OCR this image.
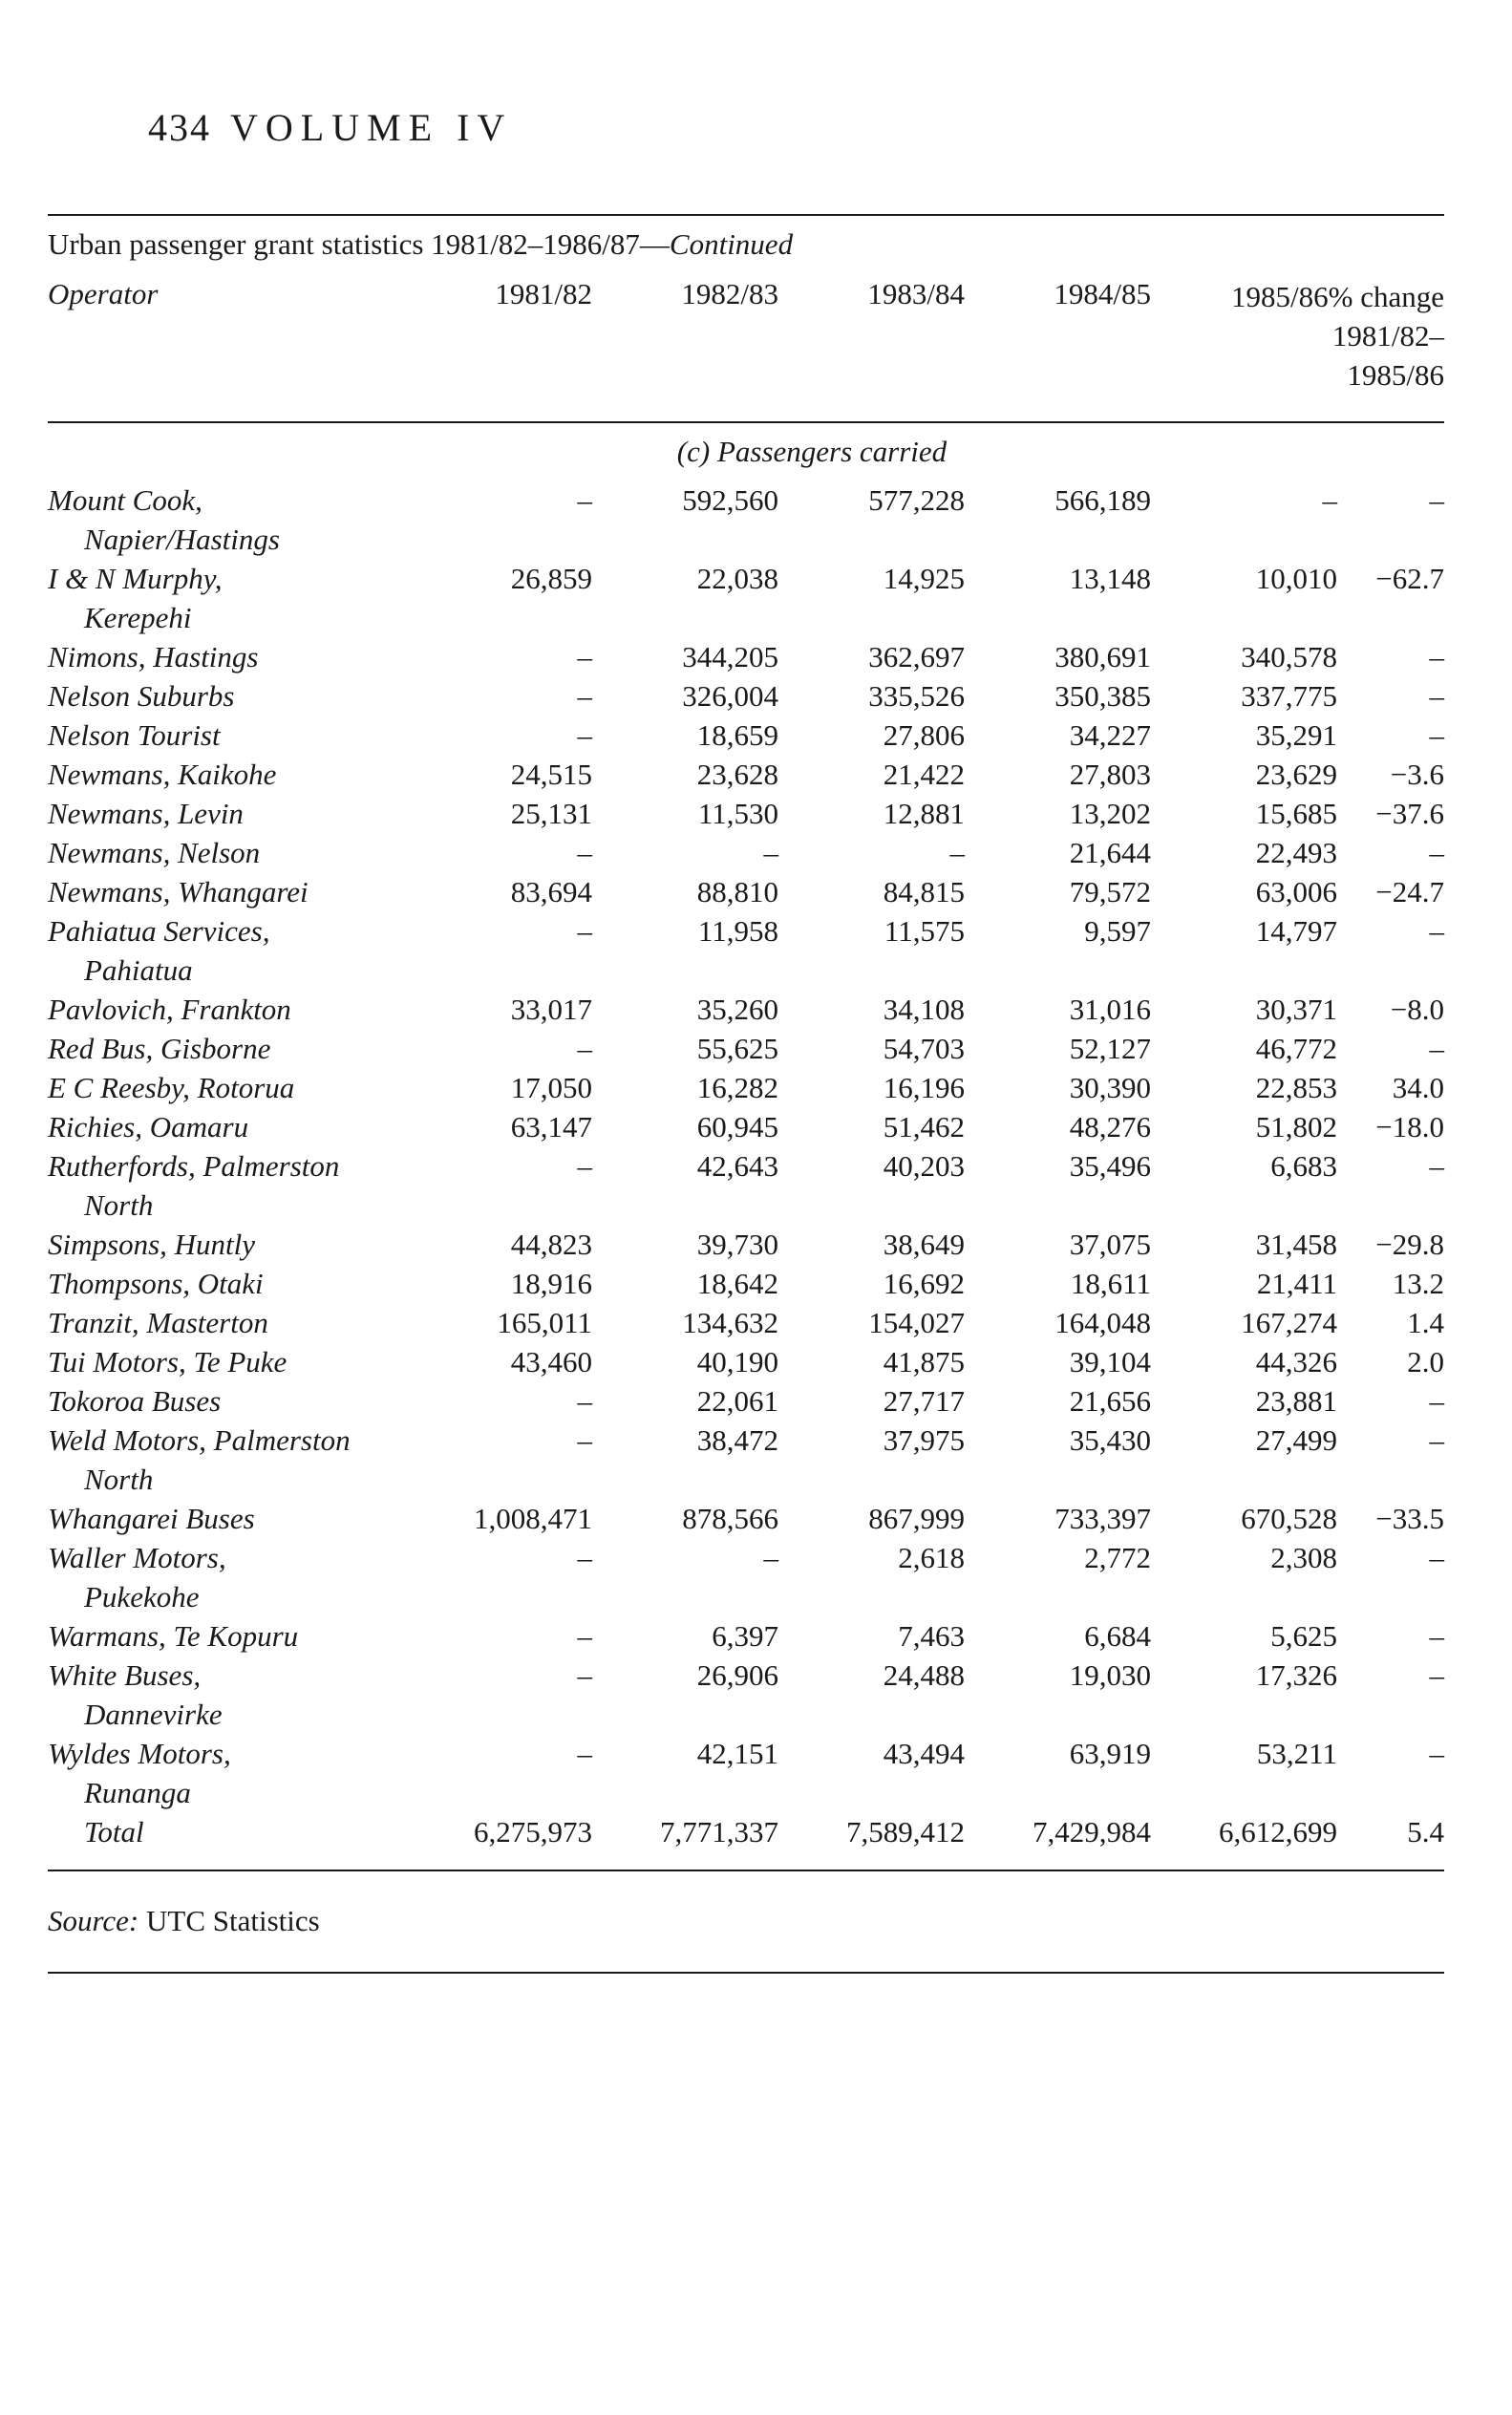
434 VOLUME IV
Urban passenger grant statistics 1981/82–1986/87—Continued
Operator	1981/82	1982/83	1983/84	1984/85	1985/86% change
1981/82–
1985/86
(c) Passengers carried
Mount Cook,
Napier/Hastings	–	592,560	577,228	566,189	–	–
I & N Murphy,
Kerepehi	26,859	22,038	14,925	13,148	10,010	−62.7
Nimons, Hastings	–	344,205	362,697	380,691	340,578	–
Nelson Suburbs	–	326,004	335,526	350,385	337,775	–
Nelson Tourist	–	18,659	27,806	34,227	35,291	–
Newmans, Kaikohe	24,515	23,628	21,422	27,803	23,629	−3.6
Newmans, Levin	25,131	11,530	12,881	13,202	15,685	−37.6
Newmans, Nelson	–	–	–	21,644	22,493	–
Newmans, Whangarei	83,694	88,810	84,815	79,572	63,006	−24.7
Pahiatua Services,
Pahiatua	–	11,958	11,575	9,597	14,797	–
Pavlovich, Frankton	33,017	35,260	34,108	31,016	30,371	−8.0
Red Bus, Gisborne	–	55,625	54,703	52,127	46,772	–
E C Reesby, Rotorua	17,050	16,282	16,196	30,390	22,853	34.0
Richies, Oamaru	63,147	60,945	51,462	48,276	51,802	−18.0
Rutherfords, Palmerston
North	–	42,643	40,203	35,496	6,683	–
Simpsons, Huntly	44,823	39,730	38,649	37,075	31,458	−29.8
Thompsons, Otaki	18,916	18,642	16,692	18,611	21,411	13.2
Tranzit, Masterton	165,011	134,632	154,027	164,048	167,274	1.4
Tui Motors, Te Puke	43,460	40,190	41,875	39,104	44,326	2.0
Tokoroa Buses	–	22,061	27,717	21,656	23,881	–
Weld Motors, Palmerston
North	–	38,472	37,975	35,430	27,499	–
Whangarei Buses	1,008,471	878,566	867,999	733,397	670,528	−33.5
Waller Motors,
Pukekohe	–	–	2,618	2,772	2,308	–
Warmans, Te Kopuru	–	6,397	7,463	6,684	5,625	–
White Buses,
Dannevirke	–	26,906	24,488	19,030	17,326	–
Wyldes Motors,
Runanga	–	42,151	43,494	63,919	53,211	–
Total	6,275,973	7,771,337	7,589,412	7,429,984	6,612,699	5.4
Source: UTC Statistics
